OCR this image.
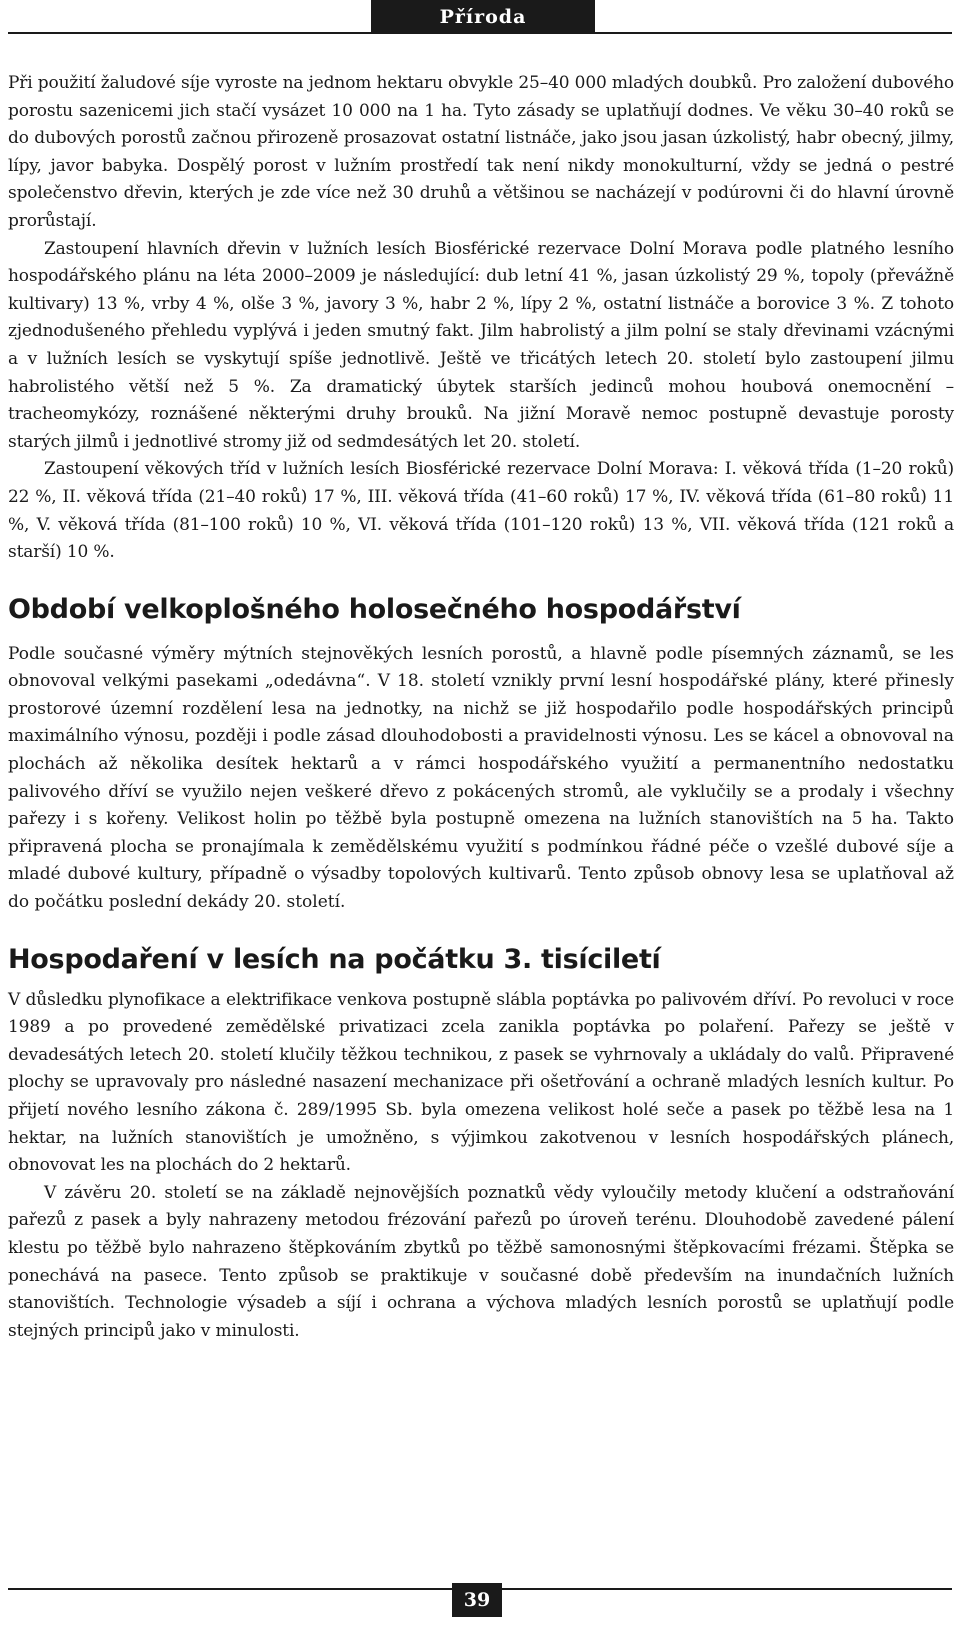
Příroda

Při použití žaludové síje vyroste na jednom hektaru obvykle 25–40 000 mladých doubků. Pro založení dubového porostu sazenicemi jich stačí vysázet 10 000 na 1 ha. Tyto zásady se uplatňují dodnes. Ve věku 30–40 roků se do dubových porostů začnou přirozeně prosazovat ostatní listnáče, jako jsou jasan úzkolistý, habr obecný, jilmy, lípy, javor babyka. Dospělý porost v lužním prostředí tak není nikdy monokulturní, vždy se jedná o pestré společenstvo dřevin, kterých je zde více než 30 druhů a většinou se nacházejí v podúrovni či do hlavní úrovně prorůstají.

Zastoupení hlavních dřevin v lužních lesích Biosférické rezervace Dolní Morava podle platného lesního hospodářského plánu na léta 2000–2009 je následující: dub letní 41 %, jasan úzkolistý 29 %, topoly (převážně kultivary) 13 %, vrby 4 %, olše 3 %, javory 3 %, habr 2 %, lípy 2 %, ostatní listnáče a borovice 3 %. Z tohoto zjednodušeného přehledu vyplývá i jeden smutný fakt. Jilm habrolistý a jilm polní se staly dřevinami vzácnými a v lužních lesích se vyskytují spíše jednotlivě. Ještě ve třicátých letech 20. století bylo zastoupení jilmu habrolistého větší než 5 %. Za dramatický úbytek starších jedinců mohou houbová onemocnění – tracheomykózy, roznášené některými druhy brouků. Na jižní Moravě nemoc postupně devastuje porosty starých jilmů i jednotlivé stromy již od sedmdesátých let 20. století.

Zastoupení věkových tříd v lužních lesích Biosférické rezervace Dolní Morava: I. věková třída (1–20 roků) 22 %, II. věková třída (21–40 roků) 17 %, III. věková třída (41–60 roků) 17 %, IV. věková třída (61–80 roků) 11 %, V. věková třída (81–100 roků) 10 %, VI. věková třída (101–120 roků) 13 %, VII. věková třída (121 roků a starší) 10 %.

Období velkoplošného holosečného hospodářství

Podle současné výměry mýtních stejnověkých lesních porostů, a hlavně podle písemných záznamů, se les obnovoval velkými pasekami „odedávna“. V 18. století vznikly první lesní hospodářské plány, které přinesly prostorové územní rozdělení lesa na jednotky, na nichž se již hospodařilo podle hospodářských principů maximálního výnosu, později i podle zásad dlouhodobosti a pravidelnosti výnosu. Les se kácel a obnovoval na plochách až několika desítek hektarů a v rámci hospodářského využití a permanentního nedostatku palivového dříví se využilo nejen veškeré dřevo z pokácených stromů, ale vyklučily se a prodaly i všechny pařezy i s kořeny. Velikost holin po těžbě byla postupně omezena na lužních stanovištích na 5 ha. Takto připravená plocha se pronajímala k zemědělskému využití s podmínkou řádné péče o vzešlé dubové síje a mladé dubové kultury, případně o výsadby topolových kultivarů. Tento způsob obnovy lesa se uplatňoval až do počátku poslední dekády 20. století.

Hospodaření v lesích na počátku 3. tisíciletí

V důsledku plynofikace a elektrifikace venkova postupně slábla poptávka po palivovém dříví. Po revoluci v roce 1989 a po provedené zemědělské privatizaci zcela zanikla poptávka po polaření. Pařezy se ještě v devadesátých letech 20. století klučily těžkou technikou, z pasek se vyhrnovaly a ukládaly do valů. Připravené plochy se upravovaly pro následné nasazení mechanizace při ošetřování a ochraně mladých lesních kultur. Po přijetí nového lesního zákona č. 289/1995 Sb. byla omezena velikost holé seče a pasek po těžbě lesa na 1 hektar, na lužních stanovištích je umožněno, s výjimkou zakotvenou v lesních hospodářských plánech, obnovovat les na plochách do 2 hektarů.

V závěru 20. století se na základě nejnovějších poznatků vědy vyloučily metody klučení a odstraňování pařezů z pasek a byly nahrazeny metodou frézování pařezů po úroveň terénu. Dlouhodobě zavedené pálení klestu po těžbě bylo nahrazeno štěpkováním zbytků po těžbě samonosnými štěpkovacími frézami. Štěpka se ponechává na pasece. Tento způsob se praktikuje v současné době především na inundačních lužních stanovištích. Technologie výsadeb a síjí i ochrana a výchova mladých lesních porostů se uplatňují podle stejných principů jako v minulosti.

39
